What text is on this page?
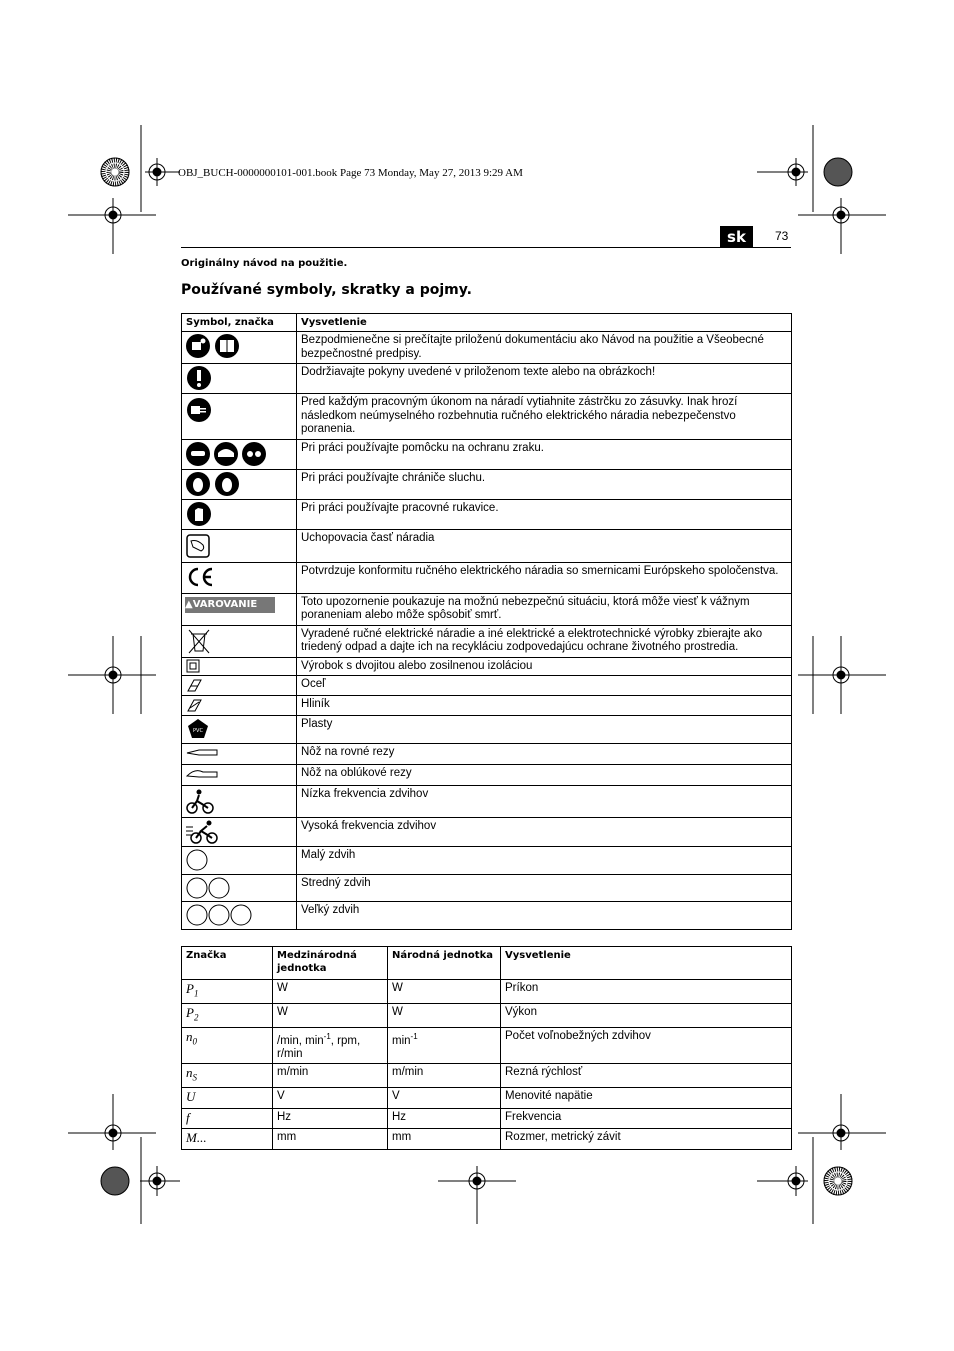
OBJ_BUCH-0000000101-001.book Page 73 Monday, May 27, 2013 9:29 AM
sk	73
Originálny návod na použitie.
Používané symboly, skratky a pojmy.
Symbol, značka	Vysvetlenie

	Bezpodmienečne si prečítajte priloženú dokumentáciu ako Návod na použitie a Všeobecné bezpečnostné predpisy.

	Dodržiavajte pokyny uvedené v priloženom texte alebo na obrázkoch!

	Pred každým pracovným úkonom na náradí vytiahnite zástrčku zo zásuvky. Inak hrozí následkom neúmyselného rozbehnutia ručného elektrického náradia nebezpečenstvo poranenia.

	Pri práci používajte pomôcku na ochranu zraku.

	Pri práci používajte chrániče sluchu.

	Pri práci používajte pracovné rukavice.

	Uchopovacia časť náradia

	Potvrdzuje konformitu ručného elektrického náradia so smernicami Európskeho spoločenstva.

▲VAROVANIE	Toto upozornenie poukazuje na možnú nebezpečnú situáciu, ktorá môže viesť k vážnym poraneniam alebo môže spôsobiť smrť.

	Vyradené ručné elektrické náradie a iné elektrické a elektrotechnické výrobky zbierajte ako triedený odpad a dajte ich na recykláciu zodpovedajúcu ochrane životného prostredia.

	Výrobok s dvojitou alebo zosilnenou izoláciou

	Oceľ

	Hliník

PVC	Plasty

	Nôž na rovné rezy

	Nôž na oblúkové rezy

	Nízka frekvencia zdvihov

	Vysoká frekvencia zdvihov

	Malý zdvih

	Stredný zdvih

	Veľký zdvih
Značka	Medzinárodná jednotka	Národná jednotka	Vysvetlenie
$P_1$	W	W	Príkon
$P_2$	W	W	Výkon
$n_0$	/min, $\min^{-1}$, rpm, r/min	$\min^{-1}$	Počet voľnobežných zdvihov
$n_S$	m/min	m/min	Rezná rýchlosť
U	V	V	Menovité napätie
f	Hz	Hz	Frekvencia
M...	mm	mm	Rozmer, metrický závit
